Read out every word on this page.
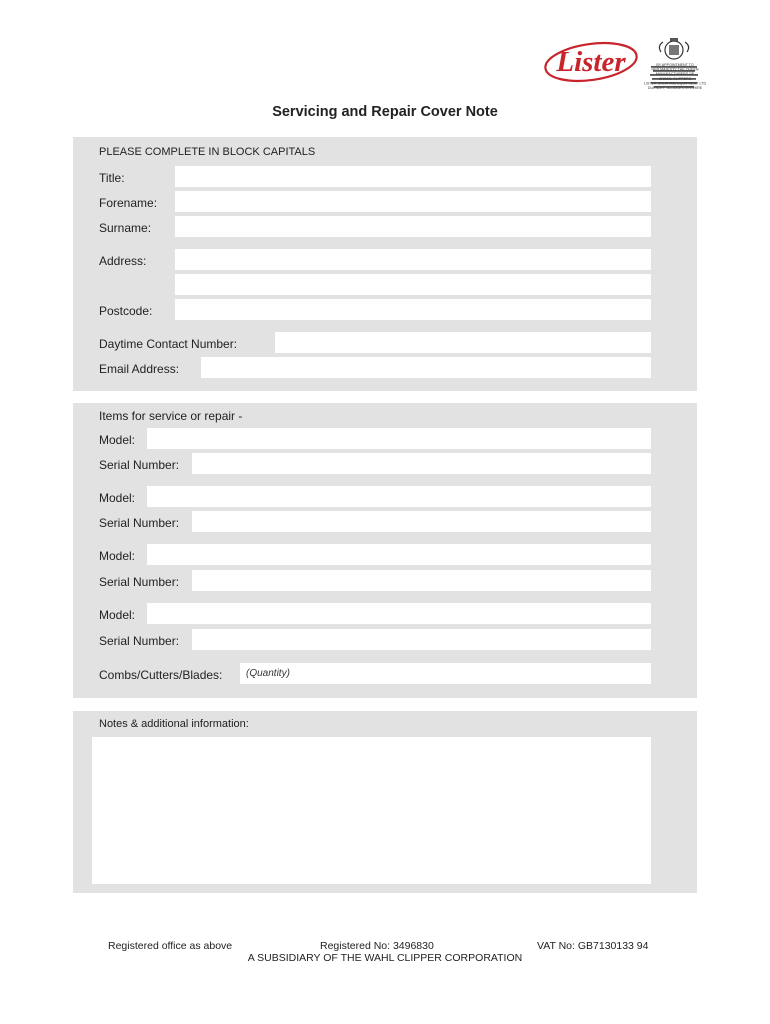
Lister
Servicing and Repair Cover Note
PLEASE COMPLETE IN BLOCK CAPITALS
Title:
Forename:
Surname:
Address:
Postcode:
Daytime Contact Number:
Email Address:
Items for service or repair -
Model:
Serial Number:
Model:
Serial Number:
Model:
Serial Number:
Model:
Serial Number:
Combs/Cutters/Blades:	(Quantity)
Notes & additional information:
Registered office as above	Registered No: 3496830	VAT No: GB7130133 94
A SUBSIDIARY OF THE WAHL CLIPPER CORPORATION
BY APPOINTMENT TO
HER MAJESTY THE QUEEN
MANUFACTURERS OF
ANIMAL CLIPPERS
LISTER SHEARING EQUIPMENT LTD
DURSLEY, GLOUCESTERSHIRE
